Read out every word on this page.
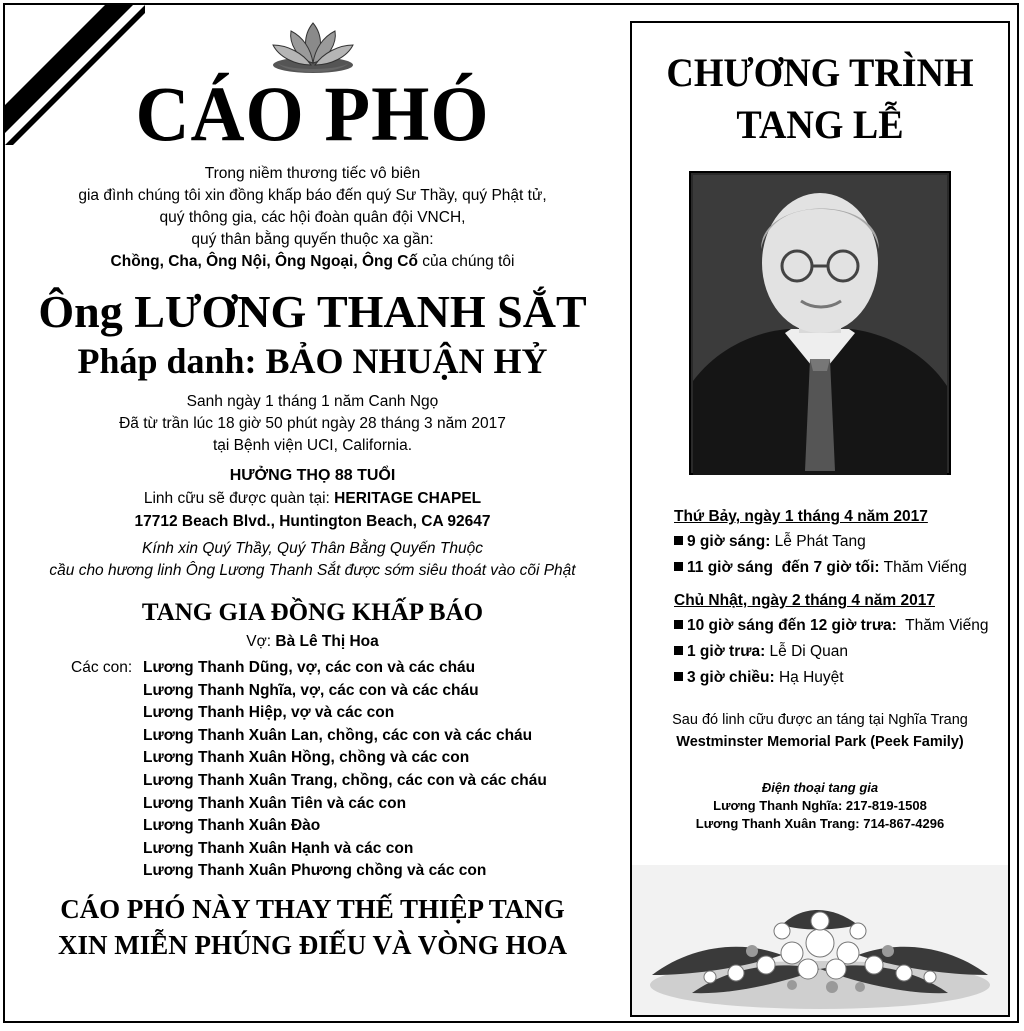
CÁO PHÓ
Trong niềm thương tiếc vô biên
gia đình chúng tôi xin đồng khấp báo đến quý Sư Thầy, quý Phật tử,
quý thông gia, các hội đoàn quân đội VNCH,
quý thân bằng quyến thuộc xa gần:
Chồng, Cha, Ông Nội, Ông Ngoại, Ông Cố của chúng tôi
Ông LƯƠNG THANH SẮT
Pháp danh: BẢO NHUẬN HỶ
Sanh ngày 1 tháng 1 năm Canh Ngọ
Đã từ trần lúc 18 giờ 50 phút ngày 28 tháng 3 năm 2017
tại Bệnh viện UCI, California.
HƯỞNG THỌ 88 TUỔI
Linh cữu sẽ được quàn tại: HERITAGE CHAPEL
17712 Beach Blvd., Huntington Beach, CA 92647
Kính xin Quý Thầy, Quý Thân Bằng Quyến Thuộc
cầu cho hương linh Ông Lương Thanh Sắt được sớm siêu thoát vào cõi Phật
TANG GIA ĐỒNG KHẤP BÁO
Vợ: Bà Lê Thị Hoa
Các con: Lương Thanh Dũng, vợ, các con và các cháu
Lương Thanh Nghĩa, vợ, các con và các cháu
Lương Thanh Hiệp, vợ và các con
Lương Thanh Xuân Lan, chồng, các con và các cháu
Lương Thanh Xuân Hồng, chồng và các con
Lương Thanh Xuân Trang, chồng, các con và các cháu
Lương Thanh Xuân Tiên và các con
Lương Thanh Xuân Đào
Lương Thanh Xuân Hạnh và các con
Lương Thanh Xuân Phương chồng và các con
CÁO PHÓ NÀY THAY THẾ THIỆP TANG
XIN MIỄN PHÚNG ĐIẾU VÀ VÒNG HOA
CHƯƠNG TRÌNH
TANG LỄ
Thứ Bảy, ngày 1 tháng 4 năm 2017
9 giờ sáng: Lễ Phát Tang
11 giờ sáng  đến 7 giờ tối: Thăm Viếng
Chủ Nhật, ngày 2 tháng 4 năm 2017
10 giờ sáng đến 12 giờ trưa:  Thăm Viếng
1 giờ trưa: Lễ Di Quan
3 giờ chiều: Hạ Huyệt
Sau đó linh cữu được an táng tại Nghĩa Trang
Westminster Memorial Park (Peek Family)
Điện thoại tang gia
Lương Thanh Nghĩa: 217-819-1508
Lương Thanh Xuân Trang: 714-867-4296
